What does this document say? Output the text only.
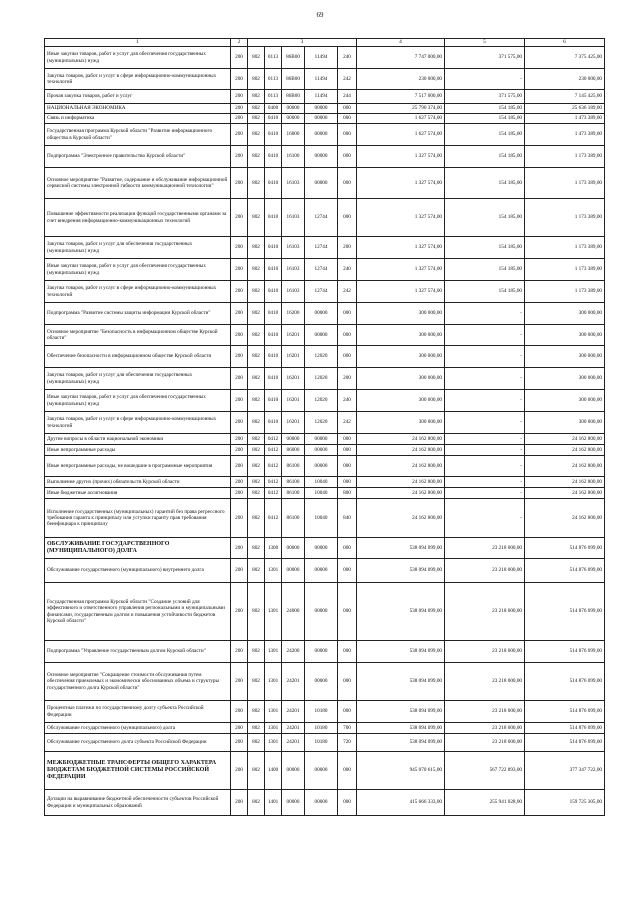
69
1	2	3					4	5	6
Иные закупки товаров, работ и услуг для обеспечения государственных (муниципальных) нужд	200	802	0113	86В00	11494	240	7 747 000,00	371 575,00	7 375 425,00
Закупка товаров, работ и услуг в сфере информационно-коммуникационных технологий	200	802	0113	86В00	11494	242	230 000,00	-	230 000,00
Прочая закупка товаров, работ и услуг	200	802	0113	86В00	11494	244	7 517 000,00	371 575,00	7 145 425,00
НАЦИОНАЛЬНАЯ ЭКОНОМИКА	200	802	0400	00000	00000	000	25 790 374,00	154 185,00	25 636 189,00
Связь и информатика	200	802	0410	00000	00000	000	1 627 574,00	154 185,00	1 473 389,00
Государственная программа Курской области "Развитие информационного общества в Курской области"	200	802	0410	16000	00000	000	1 627 574,00	154 185,00	1 473 389,00
Подпрограмма "Электронное правительство Курской области"	200	802	0410	16100	00000	000	1 327 574,00	154 185,00	1 173 389,00
Основное мероприятие "Развитие, содержание и обслуживание информационной сервисной системы электронной гибкости коммуникационной технологии"	200	802	0410	16103	00000	000	1 327 574,00	154 185,00	1 173 389,00
Повышение эффективности реализации функций государственными органами за счет внедрения информационно-коммуникационных технологий	200	802	0410	16103	12744	000	1 327 574,00	154 185,00	1 173 389,00
Закупка товаров, работ и услуг для обеспечения государственных (муниципальных) нужд	200	802	0410	16103	12744	200	1 327 574,00	154 185,00	1 173 389,00
Иные закупки товаров, работ и услуг для обеспечения государственных (муниципальных) нужд	200	802	0410	16103	12744	240	1 327 574,00	154 185,00	1 173 389,00
Закупка товаров, работ и услуг в сфере информационно-коммуникационных технологий	200	802	0410	16103	12744	242	1 327 574,00	154 185,00	1 173 389,00
Подпрограмма "Развитие системы защиты информации Курской области"	200	802	0410	16200	00000	000	300 000,00	-	300 000,00
Основное мероприятие "Безопасность в информационном обществе Курской области"	200	802	0410	16201	00000	000	300 000,00	-	300 000,00
Обеспечение безопасности в информационном обществе Курской области	200	802	0410	16201	12020	000	300 000,00	-	300 000,00
Закупка товаров, работ и услуг для обеспечения государственных (муниципальных) нужд	200	802	0410	16201	12020	200	300 000,00	-	300 000,00
Иные закупки товаров, работ и услуг для обеспечения государственных (муниципальных) нужд	200	802	0410	16201	12020	240	300 000,00	-	300 000,00
Закупка товаров, работ и услуг в сфере информационно-коммуникационных технологий	200	802	0410	16201	12020	242	300 000,00	-	300 000,00
Другие вопросы в области национальной экономики	200	802	0412	00000	00000	000	24 162 800,00	-	24 162 800,00
Иные непрограммные расходы	200	802	0412	86000	00000	000	24 162 800,00	-	24 162 800,00
Иные непрограммные расходы, не вошедшие в программные мероприятия	200	802	0412	86100	00000	000	24 162 800,00	-	24 162 800,00
Выполнение других (прочих) обязательств Курской области	200	802	0412	86100	10040	000	24 162 800,00	-	24 162 800,00
Иные бюджетные ассигнования	200	802	0412	86100	10040	800	24 162 800,00	-	24 162 800,00
Исполнение государственных (муниципальных) гарантий без права регрессного требования гаранта к принципалу или уступки гаранту прав требования бенефициара к принципалу	200	802	0412	86100	10040	840	24 162 800,00	-	24 162 800,00
ОБСЛУЖИВАНИЕ ГОСУДАРСТВЕННОГО (МУНИЦИПАЛЬНОГО) ДОЛГА	200	802	1300	00000	00000	000	538 094 099,00	23 218 000,00	514 876 099,00
Обслуживание государственного (муниципального) внутреннего долга	200	802	1301	00000	00000	000	538 094 099,00	23 218 000,00	514 876 099,00
Государственная программа Курской области "Создание условий для эффективного и ответственного управления региональными и муниципальными финансами, государственным долгом и повышения устойчивости бюджетов Курской области"	200	802	1301	24000	00000	000	538 094 099,00	23 218 000,00	514 876 099,00
Подпрограмма "Управление государственным долгом Курской области"	200	802	1301	24200	00000	000	538 094 099,00	23 218 000,00	514 876 099,00
Основное мероприятие "Сокращение стоимости обслуживания путем обеспечения приемлемых и экономически обоснованных объема и структуры государственного долга Курской области"	200	802	1301	24201	00000	000	538 094 099,00	23 218 000,00	514 876 099,00
Процентные платежи по государственному долгу субъекта Российской Федерации	200	802	1301	24201	10180	000	538 094 099,00	23 218 000,00	514 876 099,00
Обслуживание государственного (муниципального) долга	200	802	1301	24201	10180	700	538 094 099,00	23 218 000,00	514 876 099,00
Обслуживание государственного долга субъекта Российской Федерации	200	802	1301	24201	10180	720	538 094 099,00	23 218 000,00	514 876 099,00
МЕЖБЮДЖЕТНЫЕ ТРАНСФЕРТЫ ОБЩЕГО ХАРАКТЕРА БЮДЖЕТАМ БЮДЖЕТНОЙ СИСТЕМЫ РОССИЙСКОЙ ФЕДЕРАЦИИ	200	802	1400	00000	00000	000	945 070 615,00	567 722 893,00	377 347 722,00
Дотации на выравнивание бюджетной обеспеченности субъектов Российской Федерации и муниципальных образований	200	802	1401	00000	00000	000	415 666 333,00	255 941 028,00	159 725 305,00
